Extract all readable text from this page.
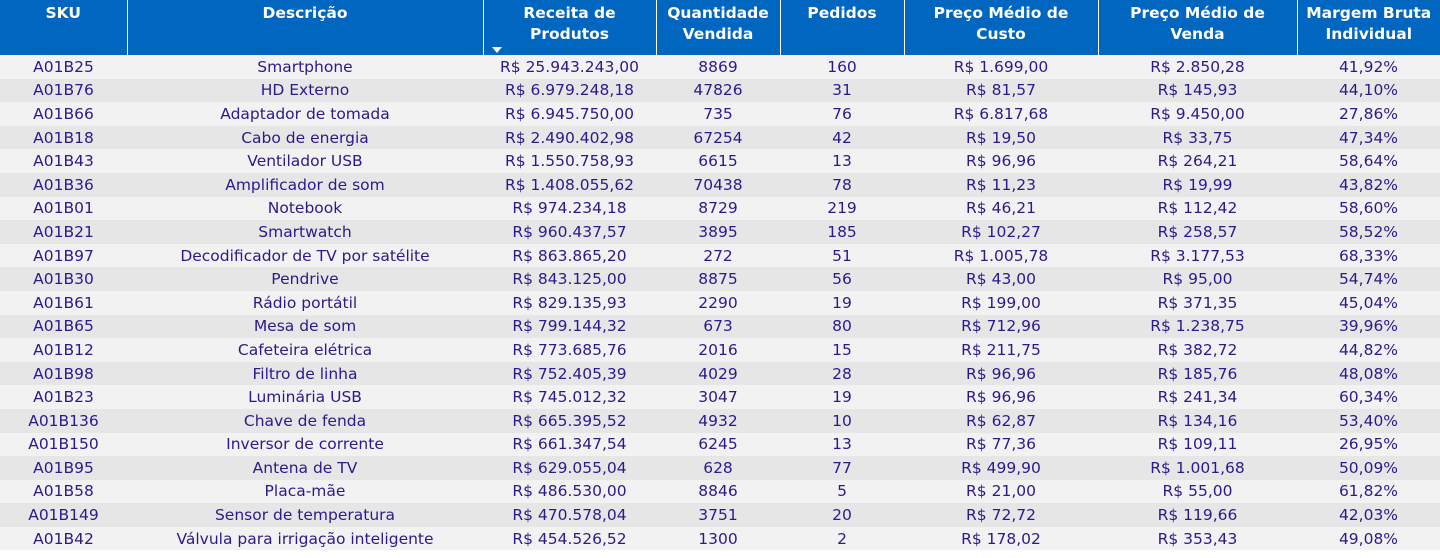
SKU	Descrição	Receita de Produtos	Quantidade Vendida	Pedidos	Preço Médio de Custo	Preço Médio de Venda	Margem Bruta Individual
A01B25	Smartphone	R$ 25.943.243,00	8869	160	R$ 1.699,00	R$ 2.850,28	41,92%
A01B76	HD Externo	R$ 6.979.248,18	47826	31	R$ 81,57	R$ 145,93	44,10%
A01B66	Adaptador de tomada	R$ 6.945.750,00	735	76	R$ 6.817,68	R$ 9.450,00	27,86%
A01B18	Cabo de energia	R$ 2.490.402,98	67254	42	R$ 19,50	R$ 33,75	47,34%
A01B43	Ventilador USB	R$ 1.550.758,93	6615	13	R$ 96,96	R$ 264,21	58,64%
A01B36	Amplificador de som	R$ 1.408.055,62	70438	78	R$ 11,23	R$ 19,99	43,82%
A01B01	Notebook	R$ 974.234,18	8729	219	R$ 46,21	R$ 112,42	58,60%
A01B21	Smartwatch	R$ 960.437,57	3895	185	R$ 102,27	R$ 258,57	58,52%
A01B97	Decodificador de TV por satélite	R$ 863.865,20	272	51	R$ 1.005,78	R$ 3.177,53	68,33%
A01B30	Pendrive	R$ 843.125,00	8875	56	R$ 43,00	R$ 95,00	54,74%
A01B61	Rádio portátil	R$ 829.135,93	2290	19	R$ 199,00	R$ 371,35	45,04%
A01B65	Mesa de som	R$ 799.144,32	673	80	R$ 712,96	R$ 1.238,75	39,96%
A01B12	Cafeteira elétrica	R$ 773.685,76	2016	15	R$ 211,75	R$ 382,72	44,82%
A01B98	Filtro de linha	R$ 752.405,39	4029	28	R$ 96,96	R$ 185,76	48,08%
A01B23	Luminária USB	R$ 745.012,32	3047	19	R$ 96,96	R$ 241,34	60,34%
A01B136	Chave de fenda	R$ 665.395,52	4932	10	R$ 62,87	R$ 134,16	53,40%
A01B150	Inversor de corrente	R$ 661.347,54	6245	13	R$ 77,36	R$ 109,11	26,95%
A01B95	Antena de TV	R$ 629.055,04	628	77	R$ 499,90	R$ 1.001,68	50,09%
A01B58	Placa-mãe	R$ 486.530,00	8846	5	R$ 21,00	R$ 55,00	61,82%
A01B149	Sensor de temperatura	R$ 470.578,04	3751	20	R$ 72,72	R$ 119,66	42,03%
A01B42	Válvula para irrigação inteligente	R$ 454.526,52	1300	2	R$ 178,02	R$ 353,43	49,08%
